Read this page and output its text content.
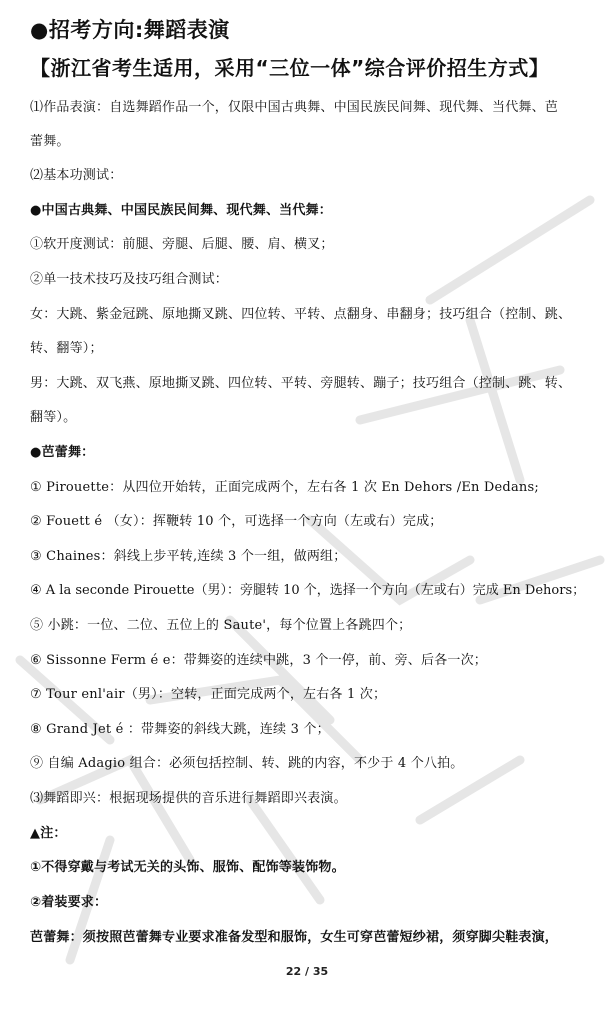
●招考方向:舞蹈表演
【浙江省考生适用，采用“三位一体”综合评价招生方式】
⑴作品表演：自选舞蹈作品一个，仅限中国古典舞、中国民族民间舞、现代舞、当代舞、芭
蕾舞。
⑵基本功测试：
●中国古典舞、中国民族民间舞、现代舞、当代舞：
①软开度测试：前腿、旁腿、后腿、腰、肩、横叉；
②单一技术技巧及技巧组合测试：
女：大跳、紫金冠跳、原地撕叉跳、四位转、平转、点翻身、串翻身；技巧组合（控制、跳、
转、翻等）；
男：大跳、双飞燕、原地撕叉跳、四位转、平转、旁腿转、蹦子；技巧组合（控制、跳、转、
翻等）。
●芭蕾舞：
① Pirouette：从四位开始转，正面完成两个，左右各 1 次 En Dehors /En Dedans;
② Fouett é （女）：挥鞭转 10 个，可选择一个方向（左或右）完成；
③ Chaines：斜线上步平转,连续 3 个一组，做两组；
④ A la seconde Pirouette（男）：旁腿转 10 个，选择一个方向（左或右）完成 En Dehors；
⑤ 小跳：一位、二位、五位上的 Saute'，每个位置上各跳四个；
⑥ Sissonne Ferm é e：带舞姿的连续中跳，3 个一停，前、旁、后各一次；
⑦ Tour enl'air（男）：空转，正面完成两个，左右各 1 次；
⑧ Grand Jet é ：带舞姿的斜线大跳，连续 3 个；
⑨ 自编 Adagio 组合：必须包括控制、转、跳的内容，不少于 4 个八拍。
⑶舞蹈即兴：根据现场提供的音乐进行舞蹈即兴表演。
▲注：
①不得穿戴与考试无关的头饰、服饰、配饰等装饰物。
②着装要求：
芭蕾舞：须按照芭蕾舞专业要求准备发型和服饰，女生可穿芭蕾短纱裙，须穿脚尖鞋表演，
22 / 35
